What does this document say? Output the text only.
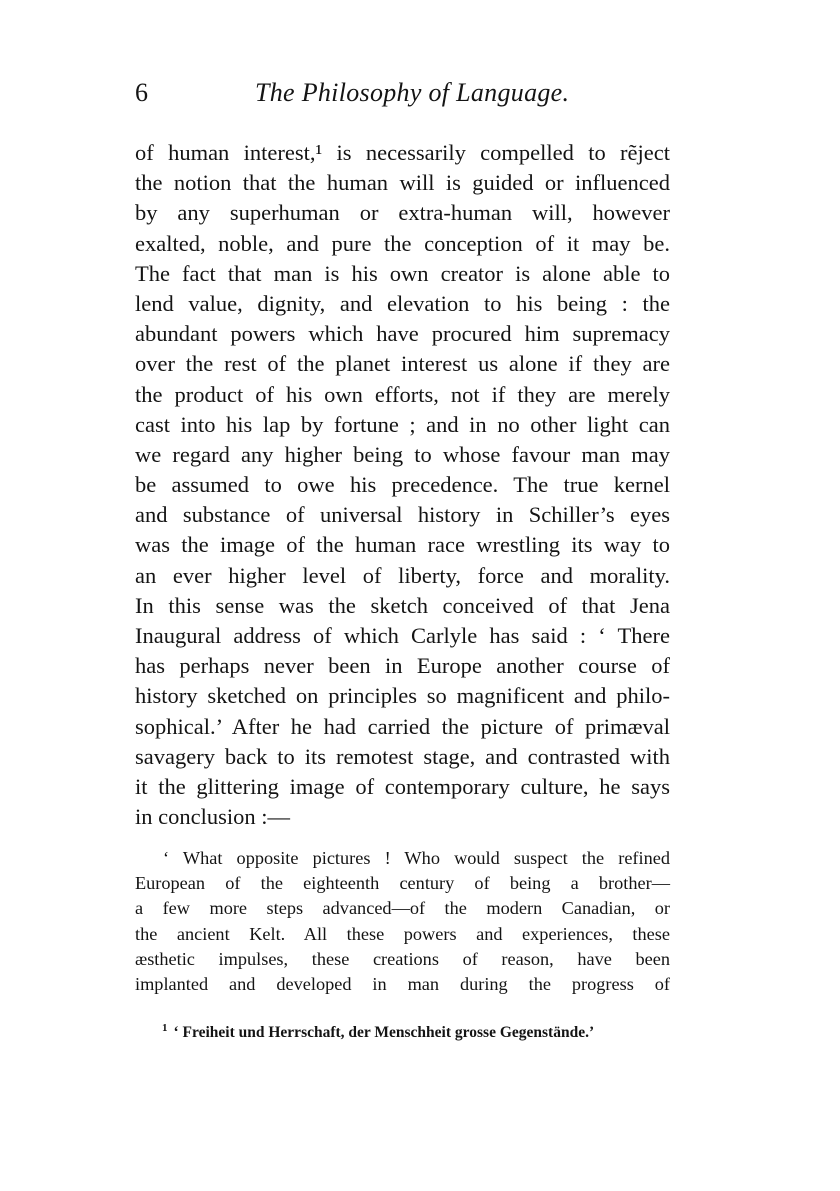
6	The Philosophy of Language.
of human interest,¹ is necessarily compelled to rẽject
the notion that the human will is guided or influenced
by any superhuman or extra-human will, however
exalted, noble, and pure the conception of it may be.
The fact that man is his own creator is alone able to
lend value, dignity, and elevation to his being : the
abundant powers which have procured him supremacy
over the rest of the planet interest us alone if they are
the product of his own efforts, not if they are merely
cast into his lap by fortune ; and in no other light can
we regard any higher being to whose favour man may
be assumed to owe his precedence. The true kernel
and substance of universal history in Schiller’s eyes
was the image of the human race wrestling its way to
an ever higher level of liberty, force and morality.
In this sense was the sketch conceived of that Jena
Inaugural address of which Carlyle has said : ‘ There
has perhaps never been in Europe another course of
history sketched on principles so magnificent and philo-
sophical.’ After he had carried the picture of primæval
savagery back to its remotest stage, and contrasted with
it the glittering image of contemporary culture, he says
in conclusion :—
‘ What opposite pictures ! Who would suspect the refined
European of the eighteenth century of being a brother—
a few more steps advanced—of the modern Canadian, or
the ancient Kelt. All these powers and experiences, these
æsthetic impulses, these creations of reason, have been
implanted and developed in man during the progress of
$^1$ ‘ Freiheit und Herrschaft, der Menschheit grosse Gegenstände.’
